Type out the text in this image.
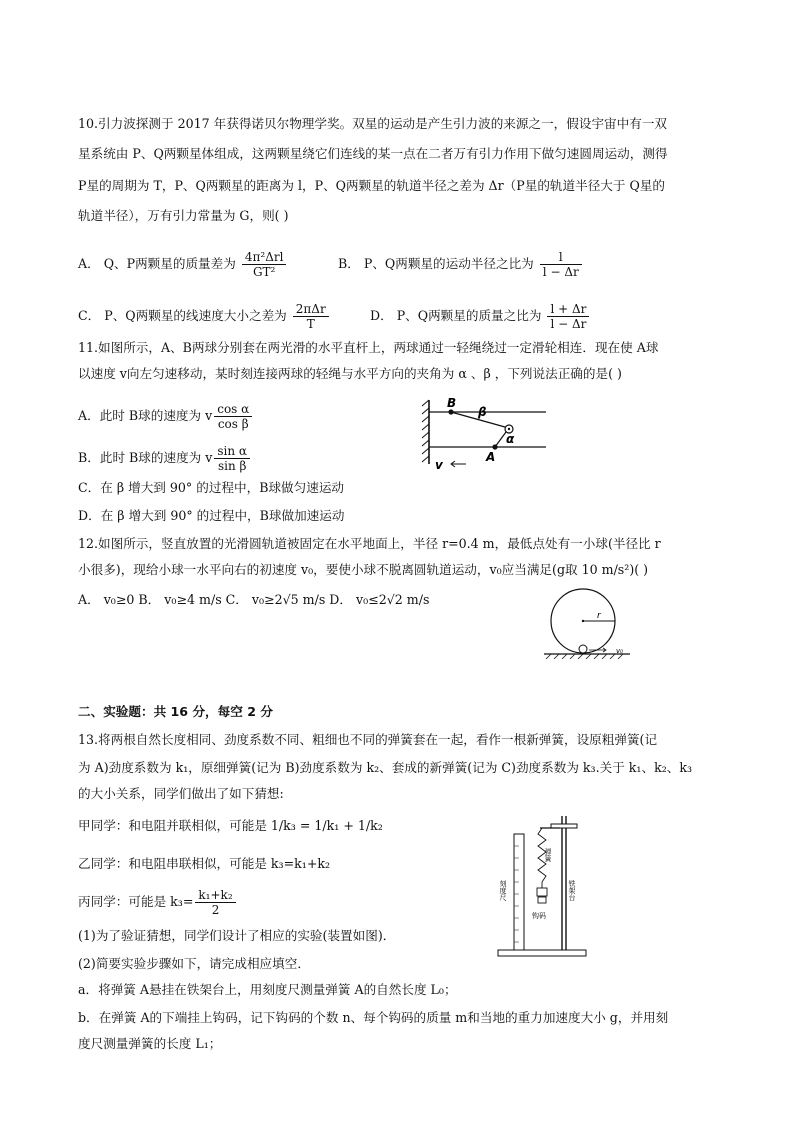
10.引力波探测于 2017 年获得诺贝尔物理学奖。双星的运动是产生引力波的来源之一，假设宇宙中有一双
星系统由 P、Q两颗星体组成，这两颗星绕它们连线的某一点在二者万有引力作用下做匀速圆周运动，测得
P星的周期为 T，P、Q两颗星的距离为 l，P、Q两颗星的轨道半径之差为 Δr（P星的轨道半径大于 Q星的
轨道半径），万有引力常量为 G，则( )
A． Q、P两颗星的质量差为 $\frac{\text{4π²Δrl}}{\text{GT²}}$	B． P、Q两颗星的运动半径之比为 $\frac{l}{l - \Delta r}$
C． P、Q两颗星的线速度大小之差为 $\frac{\text{2πΔr}}{T}$	D． P、Q两颗星的质量之比为 $\frac{l + \Delta r}{l - \Delta r}$
11.如图所示，A、B两球分别套在两光滑的水平直杆上，两球通过一轻绳绕过一定滑轮相连．现在使 A球
以速度 v向左匀速移动，某时刻连接两球的轻绳与水平方向的夹角为 α 、β ，下列说法正确的是( )
A．此时 B球的速度为 v $\frac{\text{cos α}}{\text{cos β}}$
B．此时 B球的速度为 v $\frac{\text{sin α}}{\text{sin β}}$
C．在 β 增大到 90° 的过程中，B球做匀速运动
D．在 β 增大到 90° 的过程中，B球做加速运动
B
β
α
A
v
12.如图所示，竖直放置的光滑圆轨道被固定在水平地面上，半径 r=0.4 m，最低点处有一小球(半径比 r
小很多)，现给小球一水平向右的初速度 v₀，要使小球不脱离圆轨道运动，v₀应当满足(g取 10 m/s²)( )
A． v₀≥0 B． v₀≥4 m/s C． v₀≥2√5 m/s D． v₀≤2√2 m/s
r
v₀
二、实验题：共 16 分，每空 2 分
13.将两根自然长度相同、劲度系数不同、粗细也不同的弹簧套在一起，看作一根新弹簧，设原粗弹簧(记
为 A)劲度系数为 k₁，原细弹簧(记为 B)劲度系数为 k₂、套成的新弹簧(记为 C)劲度系数为 k₃.关于 k₁、k₂、k₃
的大小关系，同学们做出了如下猜想:
甲同学：和电阻并联相似，可能是 1/k₃ = 1/k₁ + 1/k₂
乙同学：和电阻串联相似，可能是 k₃=k₁+k₂
丙同学：可能是 $k_3= \frac{\text{k₁+k₂}}{2}$
(1)为了验证猜想，同学们设计了相应的实验(装置如图)．
(2)简要实验步骤如下，请完成相应填空．
a．将弹簧 A悬挂在铁架台上，用刻度尺测量弹簧 A的自然长度 L₀；
b．在弹簧 A的下端挂上钩码，记下钩码的个数 n、每个钩码的质量 m和当地的重力加速度大小 g，并用刻
度尺测量弹簧的长度 L₁；
刻度尺
弹簧
铁架台
钩码
